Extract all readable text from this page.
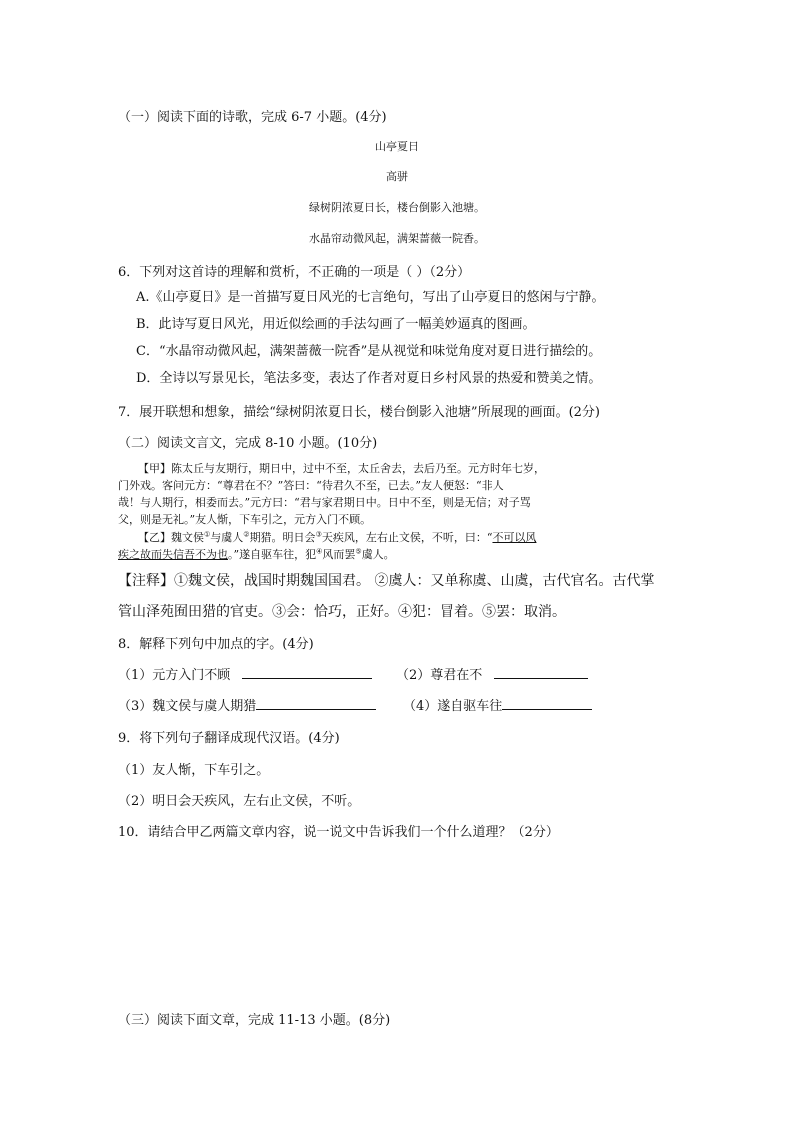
（一）阅读下面的诗歌，完成 6-7 小题。(4分)
山亭夏日
高骈
绿树阴浓夏日长，楼台倒影入池塘。
水晶帘动微风起，满架蔷薇一院香。
6．下列对这首诗的理解和赏析，不正确的一项是（ ）（2分）
A.《山亭夏日》是一首描写夏日风光的七言绝句，写出了山亭夏日的悠闲与宁静。
B．此诗写夏日风光，用近似绘画的手法勾画了一幅美妙逼真的图画。
C．“水晶帘动微风起，满架蔷薇一院香”是从视觉和味觉角度对夏日进行描绘的。
D．全诗以写景见长，笔法多变，表达了作者对夏日乡村风景的热爱和赞美之情。
7．展开联想和想象，描绘“绿树阴浓夏日长，楼台倒影入池塘”所展现的画面。(2分)
（二）阅读文言文，完成 8-10 小题。(10分)
【甲】陈太丘与友期行，期日中，过中不至，太丘舍去，去后乃至。元方时年七岁，
门外戏。客问元方：“尊君在不？”答曰：“待君久不至，已去。”友人便怒：“非人
哉！与人期行，相委而去。”元方曰：“君与家君期日中。日中不至，则是无信；对子骂
父，则是无礼。”友人惭，下车引之，元方入门不顾。
【乙】魏文侯①与虞人②期猎。明日会③天疾风，左右止文侯，不听，曰：“不可以风
疾之故而失信吾不为也。”遂自驱车往，犯④风而罢⑤虞人。
【注释】①魏文侯，战国时期魏国国君。 ②虞人：又单称虞、山虞，古代官名。古代掌
管山泽苑囿田猎的官吏。③会：恰巧，正好。④犯：冒着。⑤罢：取消。
8．解释下列句中加点的字。(4分)
（1）元方入门不顾	（2）尊君在不
（3）魏文侯与虞人期猎	（4）遂自驱车往
9．将下列句子翻译成现代汉语。(4分)
（1）友人惭，下车引之。
（2）明日会天疾风，左右止文侯，不听。
10．请结合甲乙两篇文章内容，说一说文中告诉我们一个什么道理？（2分）
（三）阅读下面文章，完成 11-13 小题。(8分)
